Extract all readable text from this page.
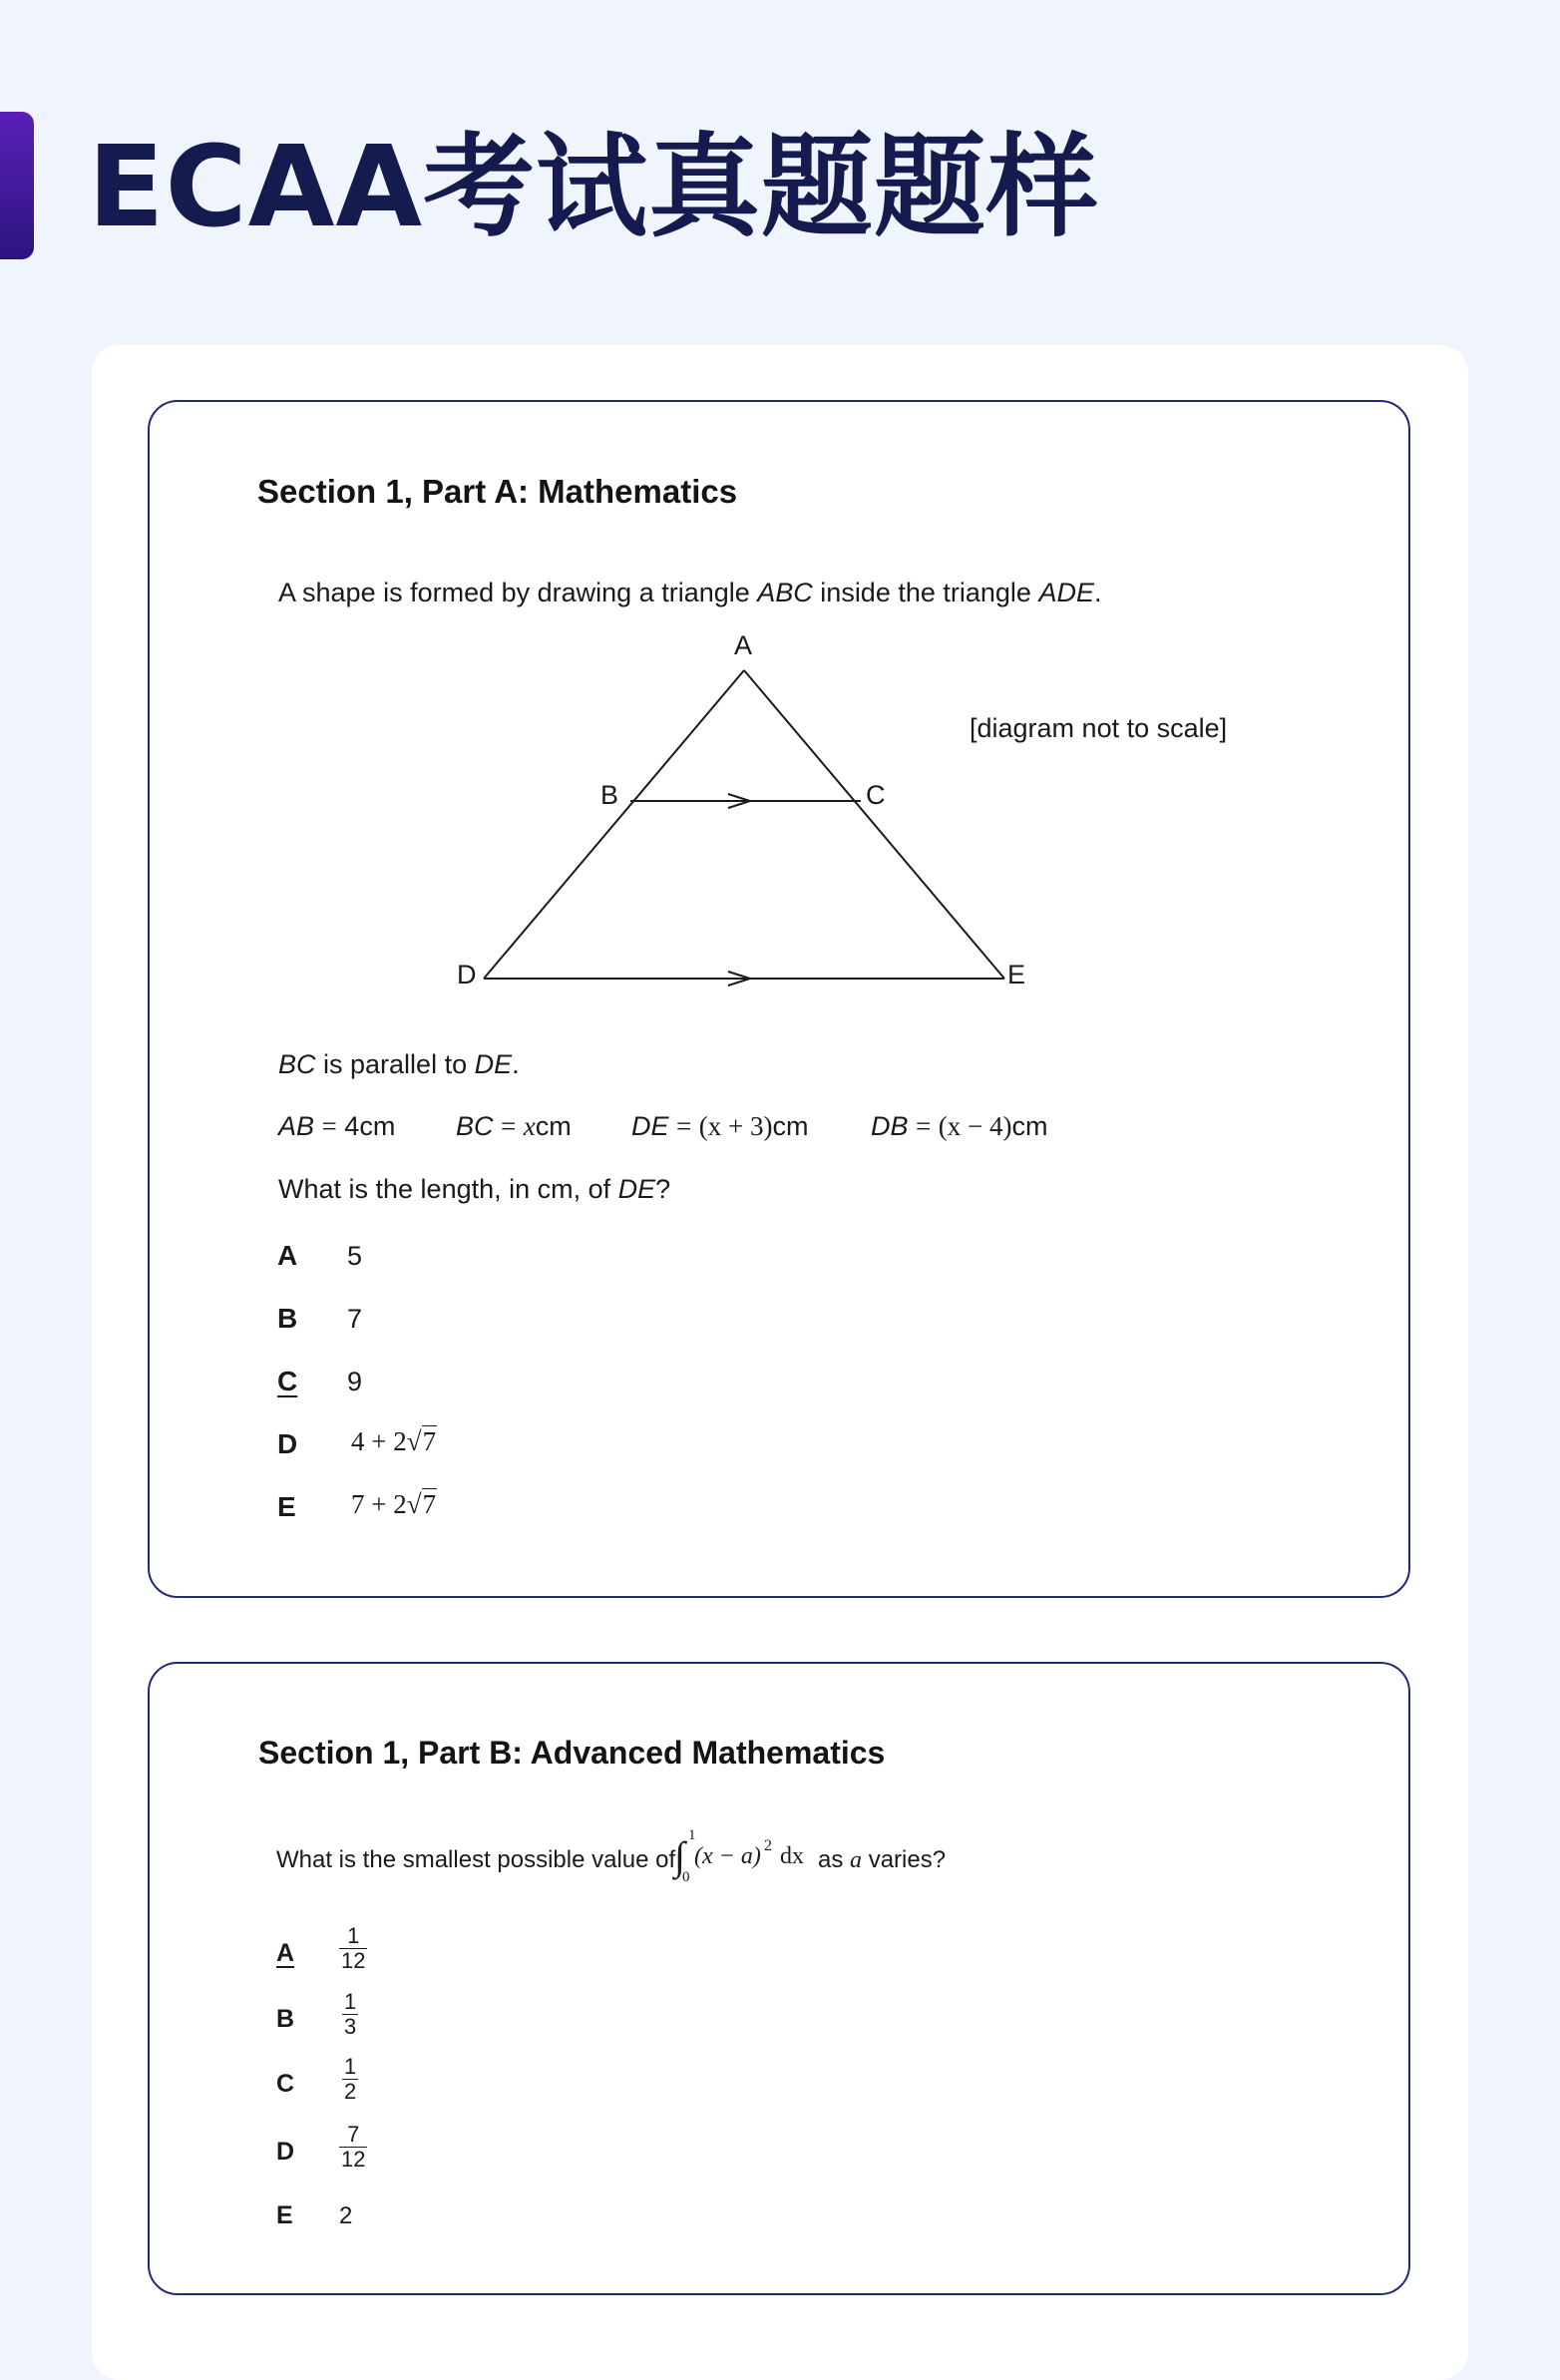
ECAA考试真题题样
Section 1, Part A: Mathematics
A shape is formed by drawing a triangle ABC inside the triangle ADE.
A
B	C
D	E
[diagram not to scale]
BC is parallel to DE.
AB = 4cm BC = xcm DE = (x + 3)cm DB = (x − 4)cm
What is the length, in cm, of DE?
A 5
B 7
C 9
D 4 + 2√7
E 7 + 2√7
Section 1, Part B: Advanced Mathematics
What is the smallest possible value of
∫ 1
0
(x − a) 2 dx as a varies?
A $\frac{1}{12}$
B $\frac{1}{3}$
C $\frac{1}{2}$
D $\frac{7}{12}$
E 2
